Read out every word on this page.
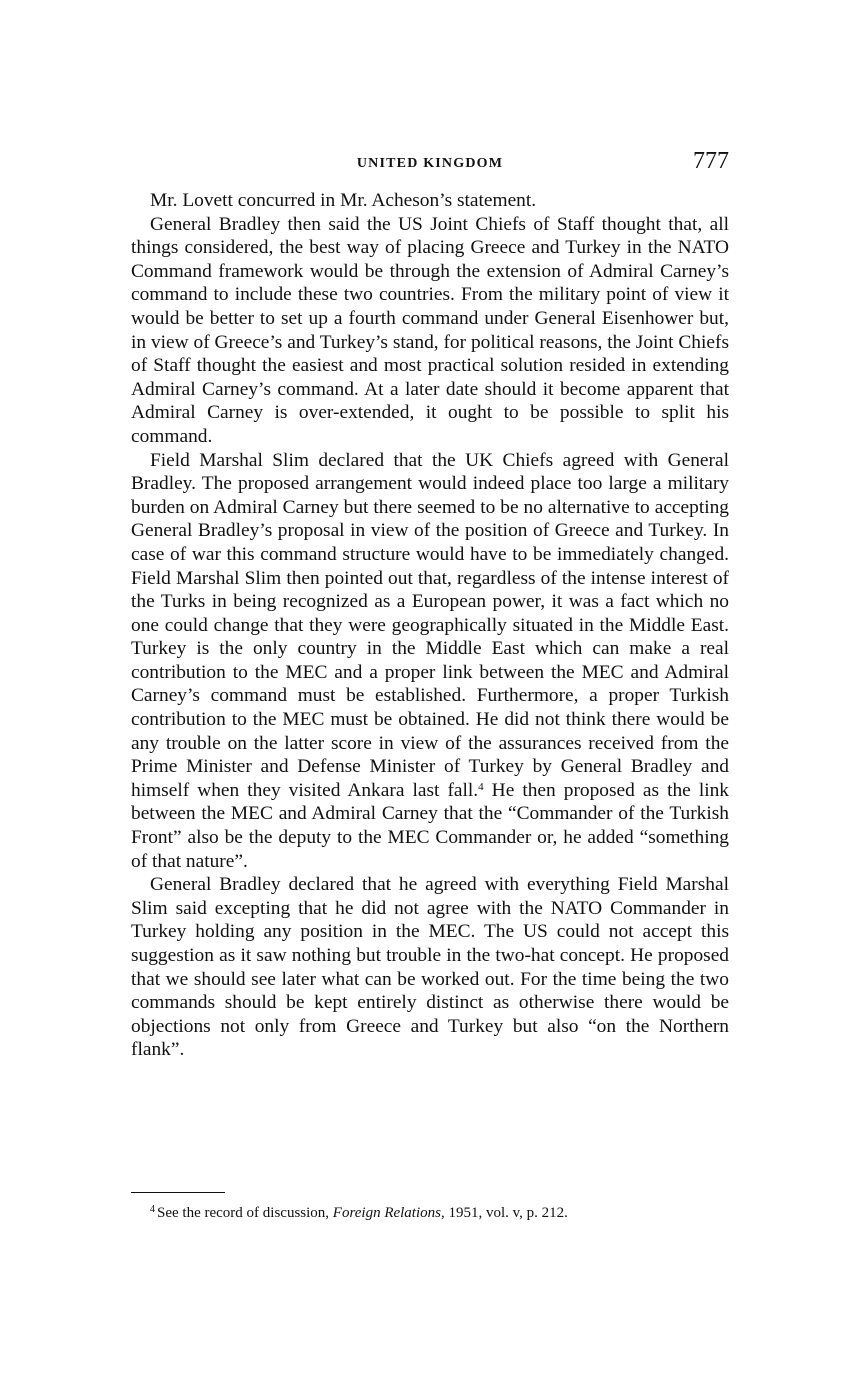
UNITED KINGDOM	777

Mr. Lovett concurred in Mr. Acheson’s statement.

General Bradley then said the US Joint Chiefs of Staff thought that, all things considered, the best way of placing Greece and Turkey in the NATO Command framework would be through the extension of Admiral Carney’s command to include these two countries. From the military point of view it would be better to set up a fourth command under General Eisenhower but, in view of Greece’s and Turkey’s stand, for political reasons, the Joint Chiefs of Staff thought the easiest and most practical solution resided in extending Admiral Carney’s command. At a later date should it become apparent that Admiral Carney is over-extended, it ought to be possible to split his command.

Field Marshal Slim declared that the UK Chiefs agreed with General Bradley. The proposed arrangement would indeed place too large a military burden on Admiral Carney but there seemed to be no alternative to accepting General Bradley’s proposal in view of the position of Greece and Turkey. In case of war this command structure would have to be immediately changed. Field Marshal Slim then pointed out that, regardless of the intense interest of the Turks in being recognized as a European power, it was a fact which no one could change that they were geographically situated in the Middle East. Turkey is the only country in the Middle East which can make a real contribution to the MEC and a proper link between the MEC and Admiral Carney’s command must be established. Furthermore, a proper Turkish contribution to the MEC must be obtained. He did not think there would be any trouble on the latter score in view of the assurances received from the Prime Minister and Defense Minister of Turkey by General Bradley and himself when they visited Ankara last fall.$^4$ He then proposed as the link between the MEC and Admiral Carney that the “Commander of the Turkish Front” also be the deputy to the MEC Commander or, he added “something of that nature”.

General Bradley declared that he agreed with everything Field Marshal Slim said excepting that he did not agree with the NATO Commander in Turkey holding any position in the MEC. The US could not accept this suggestion as it saw nothing but trouble in the two-hat concept. He proposed that we should see later what can be worked out. For the time being the two commands should be kept entirely distinct as otherwise there would be objections not only from Greece and Turkey but also “on the Northern flank”.

$^4$ See the record of discussion, Foreign Relations, 1951, vol. v, p. 212.
